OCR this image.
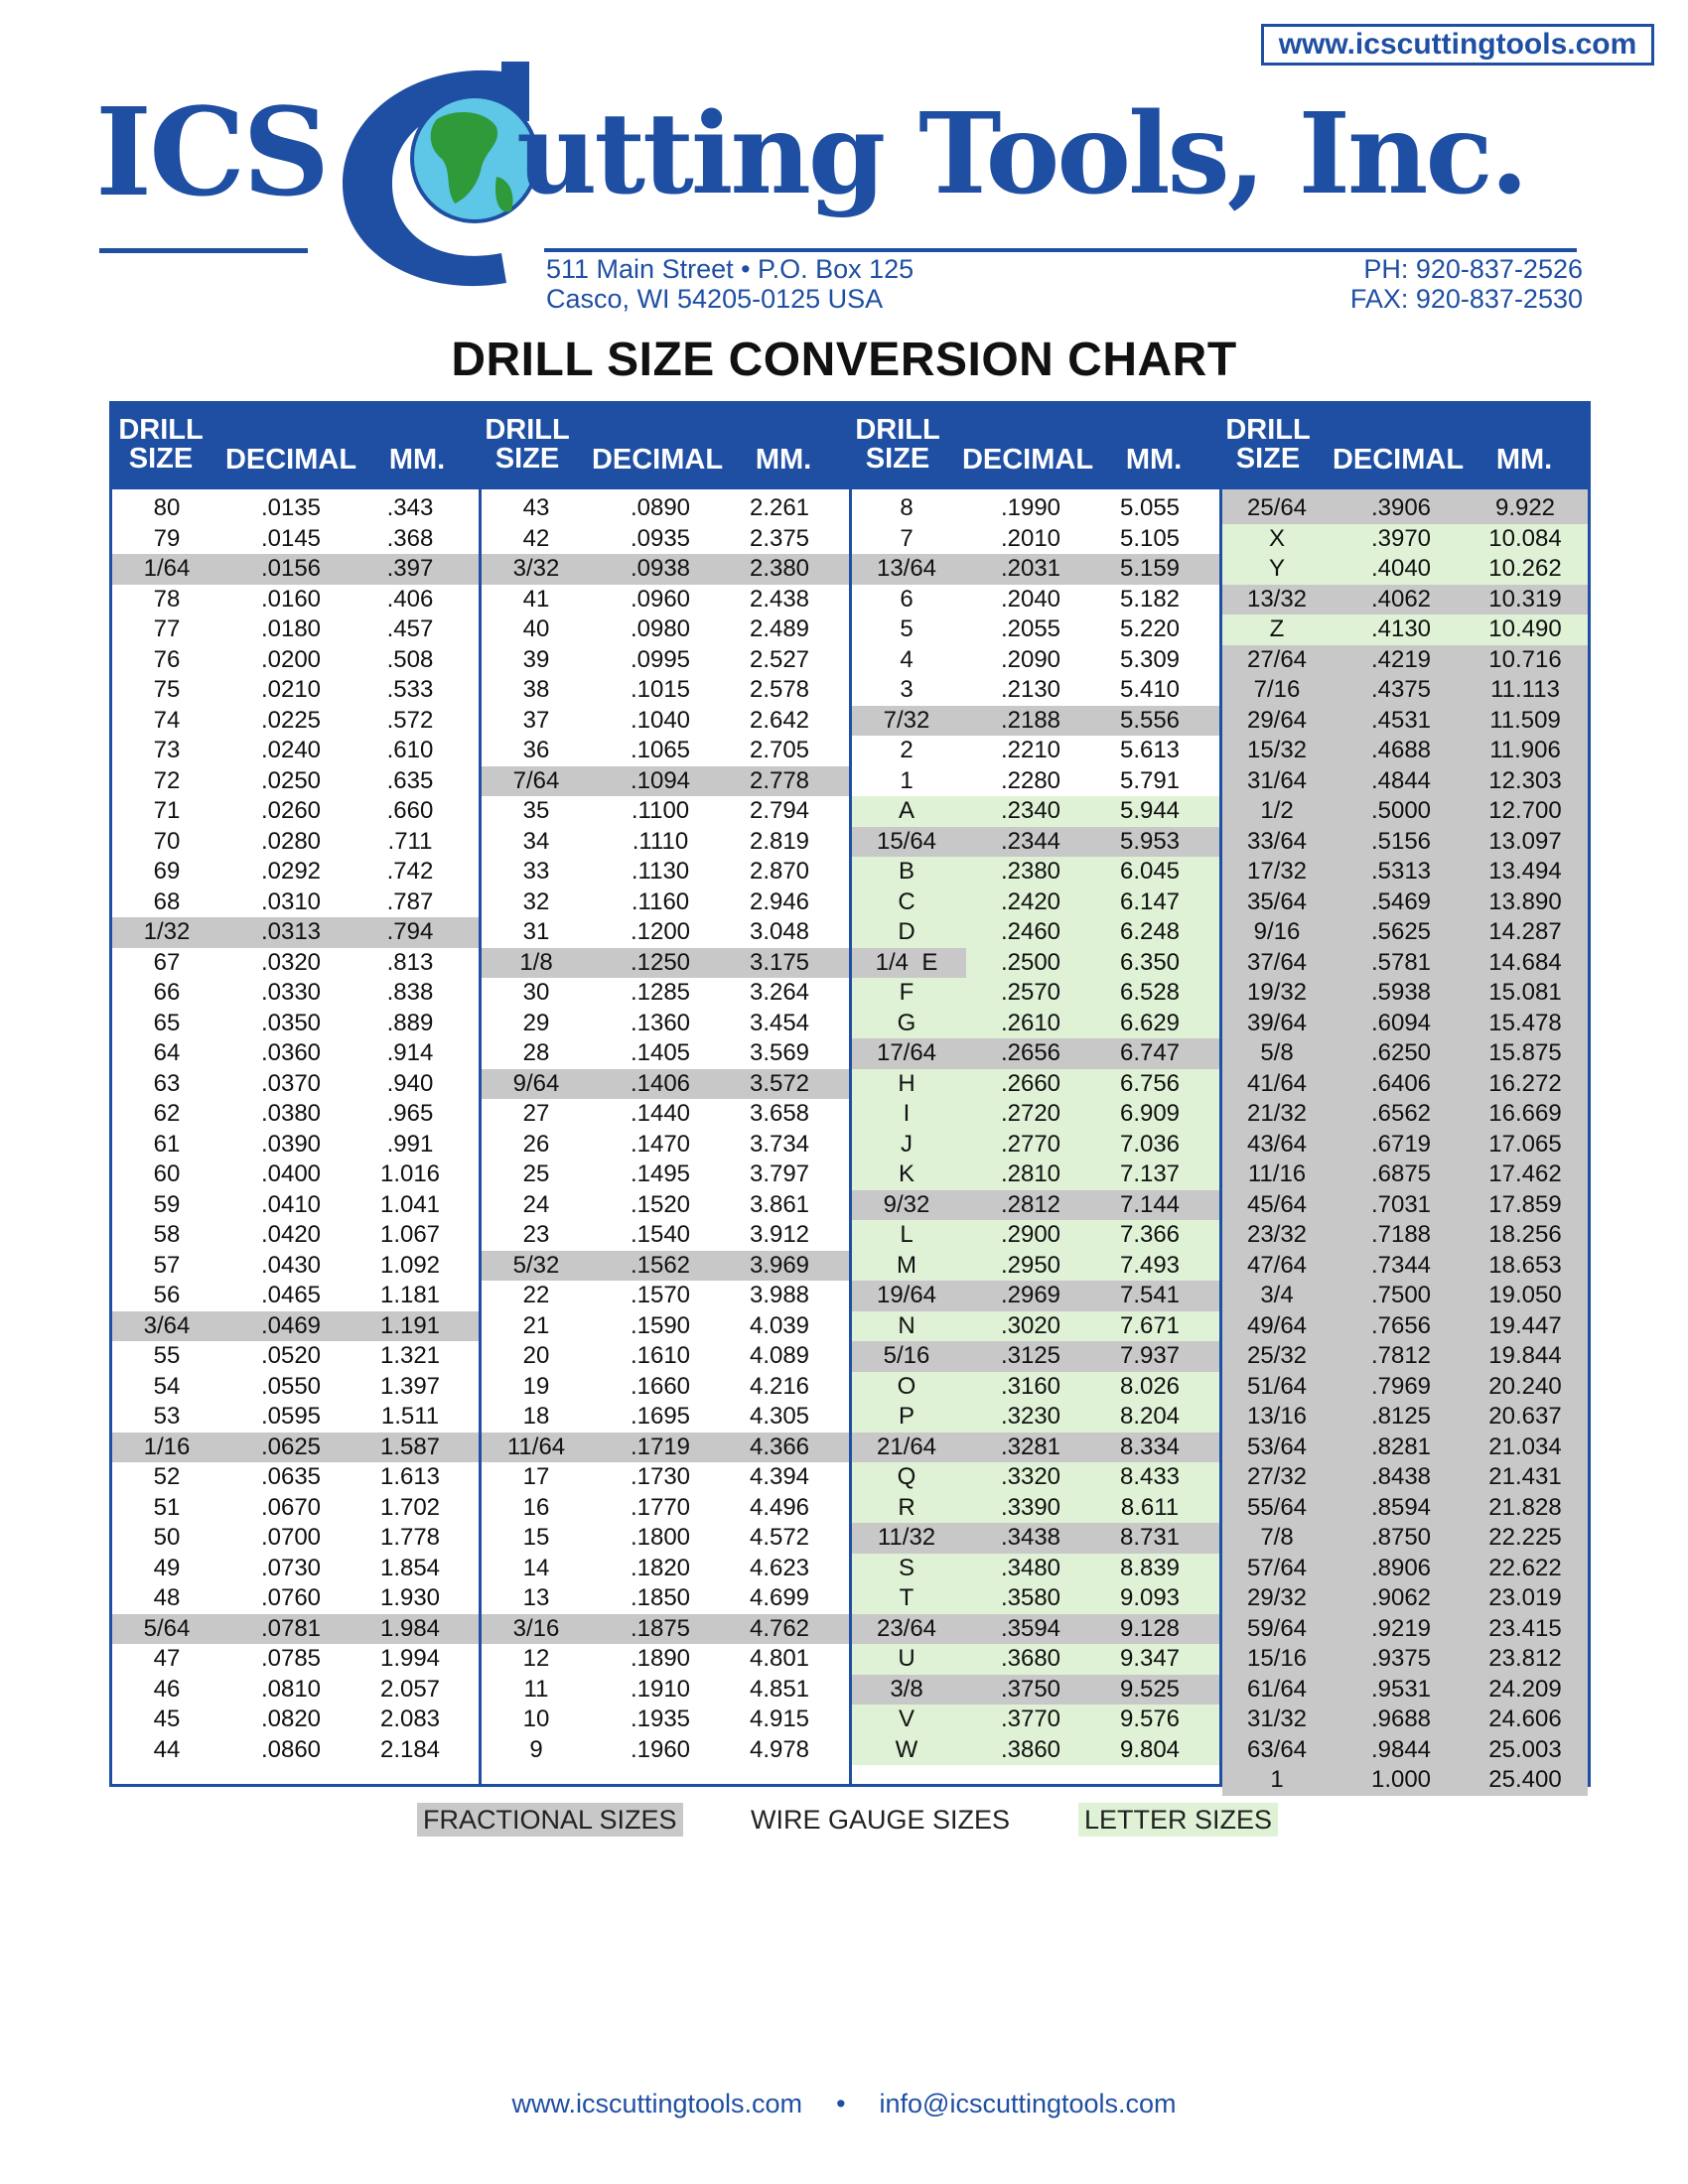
www.icscuttingtools.com
ICS utting Tools, Inc.
511 Main Street • P.O. Box 125
Casco, WI 54205-0125 USA
PH: 920-837-2526
FAX: 920-837-2530
DRILL SIZE CONVERSION CHART
DRILL
SIZE	DECIMAL	MM.
DRILL
SIZE	DECIMAL	MM.
DRILL
SIZE	DECIMAL	MM.
DRILL
SIZE	DECIMAL	MM.
80	.0135	.343
79	.0145	.368
1/64	.0156	.397
78	.0160	.406
77	.0180	.457
76	.0200	.508
75	.0210	.533
74	.0225	.572
73	.0240	.610
72	.0250	.635
71	.0260	.660
70	.0280	.711
69	.0292	.742
68	.0310	.787
1/32	.0313	.794
67	.0320	.813
66	.0330	.838
65	.0350	.889
64	.0360	.914
63	.0370	.940
62	.0380	.965
61	.0390	.991
60	.0400	1.016
59	.0410	1.041
58	.0420	1.067
57	.0430	1.092
56	.0465	1.181
3/64	.0469	1.191
55	.0520	1.321
54	.0550	1.397
53	.0595	1.511
1/16	.0625	1.587
52	.0635	1.613
51	.0670	1.702
50	.0700	1.778
49	.0730	1.854
48	.0760	1.930
5/64	.0781	1.984
47	.0785	1.994
46	.0810	2.057
45	.0820	2.083
44	.0860	2.184
43	.0890	2.261
42	.0935	2.375
3/32	.0938	2.380
41	.0960	2.438
40	.0980	2.489
39	.0995	2.527
38	.1015	2.578
37	.1040	2.642
36	.1065	2.705
7/64	.1094	2.778
35	.1100	2.794
34	.1110	2.819
33	.1130	2.870
32	.1160	2.946
31	.1200	3.048
1/8	.1250	3.175
30	.1285	3.264
29	.1360	3.454
28	.1405	3.569
9/64	.1406	3.572
27	.1440	3.658
26	.1470	3.734
25	.1495	3.797
24	.1520	3.861
23	.1540	3.912
5/32	.1562	3.969
22	.1570	3.988
21	.1590	4.039
20	.1610	4.089
19	.1660	4.216
18	.1695	4.305
11/64	.1719	4.366
17	.1730	4.394
16	.1770	4.496
15	.1800	4.572
14	.1820	4.623
13	.1850	4.699
3/16	.1875	4.762
12	.1890	4.801
11	.1910	4.851
10	.1935	4.915
9	.1960	4.978
8	.1990	5.055
7	.2010	5.105
13/64	.2031	5.159
6	.2040	5.182
5	.2055	5.220
4	.2090	5.309
3	.2130	5.410
7/32	.2188	5.556
2	.2210	5.613
1	.2280	5.791
A	.2340	5.944
15/64	.2344	5.953
B	.2380	6.045
C	.2420	6.147
D	.2460	6.248
1/4  E	.2500	6.350
F	.2570	6.528
G	.2610	6.629
17/64	.2656	6.747
H	.2660	6.756
I	.2720	6.909
J	.2770	7.036
K	.2810	7.137
9/32	.2812	7.144
L	.2900	7.366
M	.2950	7.493
19/64	.2969	7.541
N	.3020	7.671
5/16	.3125	7.937
O	.3160	8.026
P	.3230	8.204
21/64	.3281	8.334
Q	.3320	8.433
R	.3390	8.611
11/32	.3438	8.731
S	.3480	8.839
T	.3580	9.093
23/64	.3594	9.128
U	.3680	9.347
3/8	.3750	9.525
V	.3770	9.576
W	.3860	9.804
25/64	.3906	9.922
X	.3970	10.084
Y	.4040	10.262
13/32	.4062	10.319
Z	.4130	10.490
27/64	.4219	10.716
7/16	.4375	11.113
29/64	.4531	11.509
15/32	.4688	11.906
31/64	.4844	12.303
1/2	.5000	12.700
33/64	.5156	13.097
17/32	.5313	13.494
35/64	.5469	13.890
9/16	.5625	14.287
37/64	.5781	14.684
19/32	.5938	15.081
39/64	.6094	15.478
5/8	.6250	15.875
41/64	.6406	16.272
21/32	.6562	16.669
43/64	.6719	17.065
11/16	.6875	17.462
45/64	.7031	17.859
23/32	.7188	18.256
47/64	.7344	18.653
3/4	.7500	19.050
49/64	.7656	19.447
25/32	.7812	19.844
51/64	.7969	20.240
13/16	.8125	20.637
53/64	.8281	21.034
27/32	.8438	21.431
55/64	.8594	21.828
7/8	.8750	22.225
57/64	.8906	22.622
29/32	.9062	23.019
59/64	.9219	23.415
15/16	.9375	23.812
61/64	.9531	24.209
31/32	.9688	24.606
63/64	.9844	25.003
1	1.000	25.400
FRACTIONAL SIZES	WIRE GAUGE SIZES	LETTER SIZES
www.icscuttingtools.com • info@icscuttingtools.com
